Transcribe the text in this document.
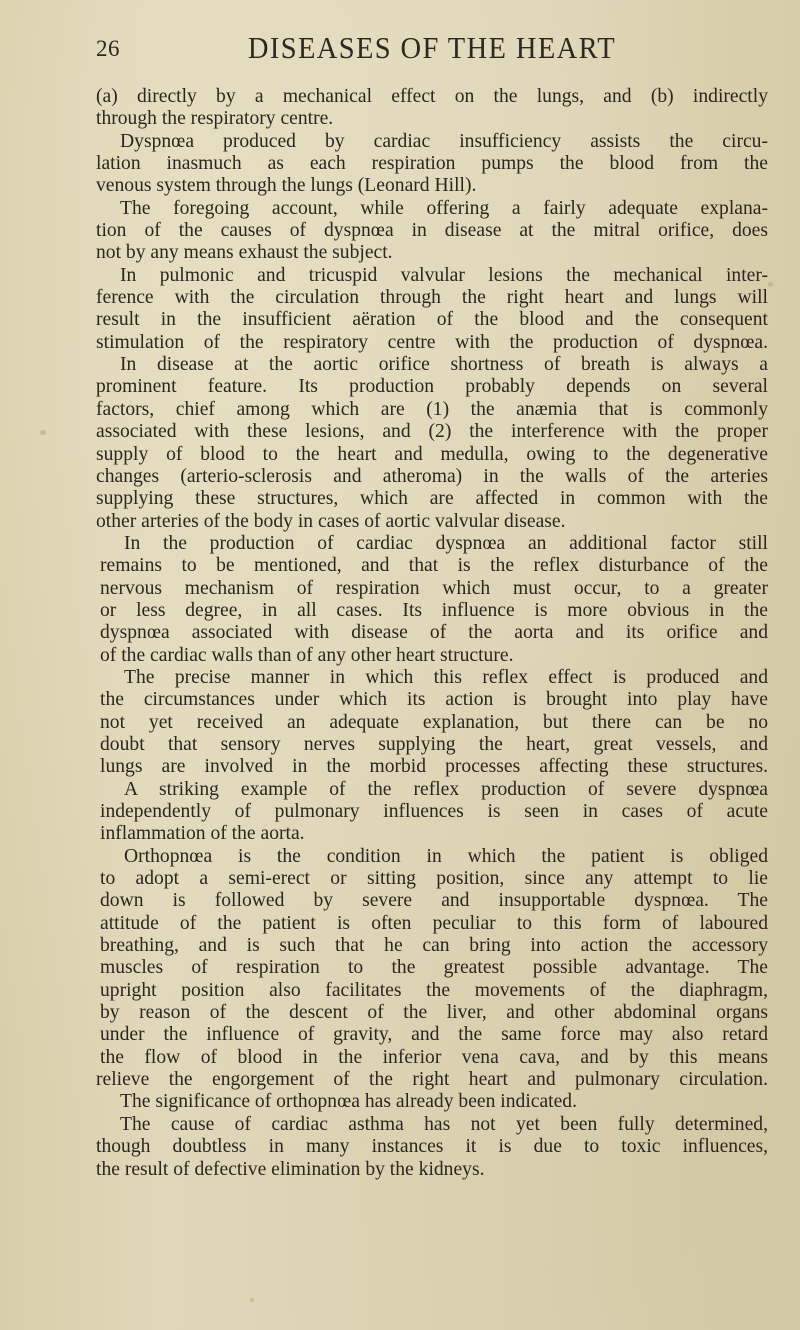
26	DISEASES OF THE HEART
(a) directly by a mechanical effect on the lungs, and (b) indirectly
through the respiratory centre.
Dyspnœa produced by cardiac insufficiency assists the circu-
lation inasmuch as each respiration pumps the blood from the
venous system through the lungs (Leonard Hill).
The foregoing account, while offering a fairly adequate explana-
tion of the causes of dyspnœa in disease at the mitral orifice, does
not by any means exhaust the subject.
In pulmonic and tricuspid valvular lesions the mechanical inter-
ference with the circulation through the right heart and lungs will
result in the insufficient aëration of the blood and the consequent
stimulation of the respiratory centre with the production of dyspnœa.
In disease at the aortic orifice shortness of breath is always a
prominent feature. Its production probably depends on several
factors, chief among which are (1) the anæmia that is commonly
associated with these lesions, and (2) the interference with the proper
supply of blood to the heart and medulla, owing to the degenerative
changes (arterio-sclerosis and atheroma) in the walls of the arteries
supplying these structures, which are affected in common with the
other arteries of the body in cases of aortic valvular disease.
In the production of cardiac dyspnœa an additional factor still
remains to be mentioned, and that is the reflex disturbance of the
nervous mechanism of respiration which must occur, to a greater
or less degree, in all cases. Its influence is more obvious in the
dyspnœa associated with disease of the aorta and its orifice and
of the cardiac walls than of any other heart structure.
The precise manner in which this reflex effect is produced and
the circumstances under which its action is brought into play have
not yet received an adequate explanation, but there can be no
doubt that sensory nerves supplying the heart, great vessels, and
lungs are involved in the morbid processes affecting these structures.
A striking example of the reflex production of severe dyspnœa
independently of pulmonary influences is seen in cases of acute
inflammation of the aorta.
Orthopnœa is the condition in which the patient is obliged
to adopt a semi-erect or sitting position, since any attempt to lie
down is followed by severe and insupportable dyspnœa. The
attitude of the patient is often peculiar to this form of laboured
breathing, and is such that he can bring into action the accessory
muscles of respiration to the greatest possible advantage. The
upright position also facilitates the movements of the diaphragm,
by reason of the descent of the liver, and other abdominal organs
under the influence of gravity, and the same force may also retard
the flow of blood in the inferior vena cava, and by this means
relieve the engorgement of the right heart and pulmonary circulation.
The significance of orthopnœa has already been indicated.
The cause of cardiac asthma has not yet been fully determined,
though doubtless in many instances it is due to toxic influences,
the result of defective elimination by the kidneys.
